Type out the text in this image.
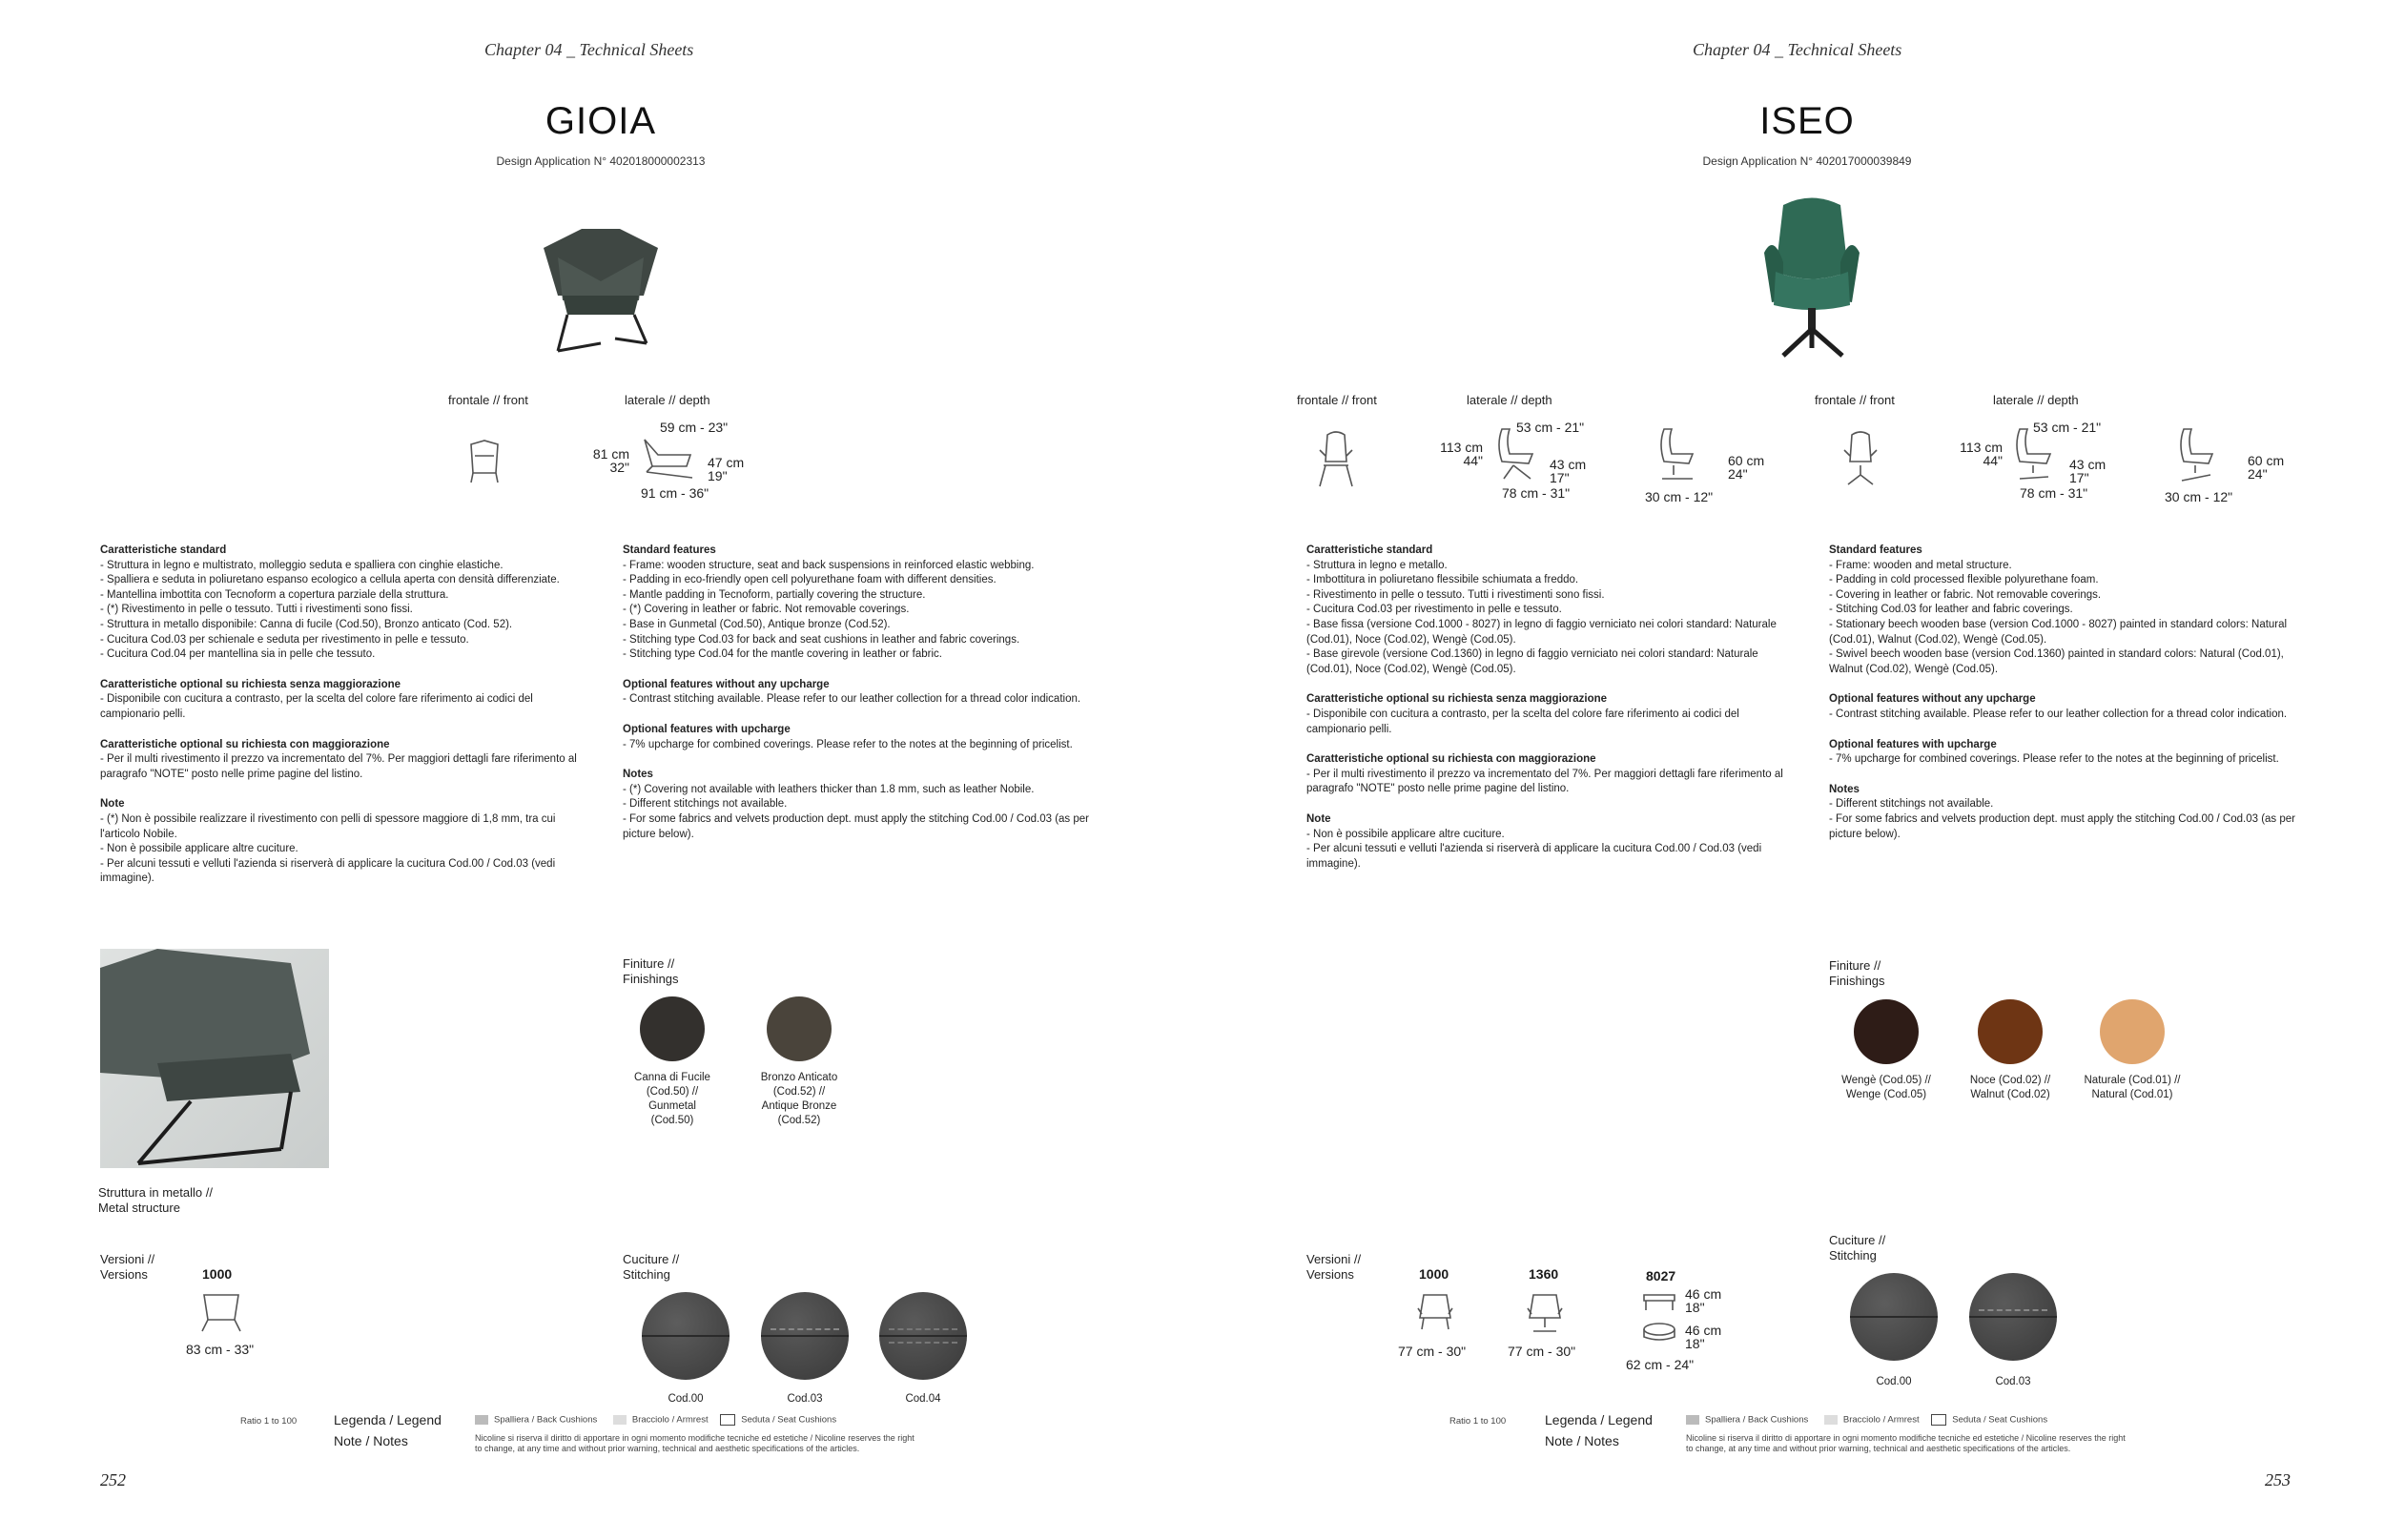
Chapter 04 _ Technical Sheets
GIOIA
Design Application N° 402018000002313
frontale // front	laterale // depth
59 cm - 23"
81 cm
32"	47 cm
19"
91 cm - 36"
Caratteristiche standard

- Struttura in legno e multistrato, molleggio seduta e spalliera con cinghie elastiche.
- Spalliera e seduta in poliuretano espanso ecologico a cellula aperta con densità differenziate.
- Mantellina imbottita con Tecnoform a copertura parziale della struttura.
- (*) Rivestimento in pelle o tessuto. Tutti i rivestimenti sono fissi.
- Struttura in metallo disponibile: Canna di fucile (Cod.50), Bronzo anticato (Cod. 52).
- Cucitura Cod.03 per schienale e seduta per rivestimento in pelle e tessuto.
- Cucitura Cod.04 per mantellina sia in pelle che tessuto.

Caratteristiche optional su richiesta senza maggiorazione

- Disponibile con cucitura a contrasto, per la scelta del colore fare riferimento ai codici del campionario pelli.

Caratteristiche optional su richiesta con maggiorazione

- Per il multi rivestimento il prezzo va incrementato del 7%. Per maggiori dettagli fare riferimento al paragrafo "NOTE" posto nelle prime pagine del listino.

Note

- (*) Non è possibile realizzare il rivestimento con pelli di spessore maggiore di 1,8 mm, tra cui l'articolo Nobile.
- Non è possibile applicare altre cuciture.
- Per alcuni tessuti e velluti l'azienda si riserverà di applicare la cucitura Cod.00 / Cod.03 (vedi immagine).

Standard features

- Frame: wooden structure, seat and back suspensions in reinforced elastic webbing.
- Padding in eco-friendly open cell polyurethane foam with different densities.
- Mantle padding in Tecnoform, partially covering the structure.
- (*) Covering in leather or fabric. Not removable coverings.
- Base in Gunmetal (Cod.50), Antique bronze (Cod.52).
- Stitching type Cod.03 for back and seat cushions in leather and fabric coverings.
- Stitching type Cod.04 for the mantle covering in leather or fabric.

Optional features without any upcharge

- Contrast stitching available. Please refer to our leather collection for a thread color indication.

Optional features with upcharge

- 7% upcharge for combined coverings. Please refer to the notes at the beginning of pricelist.

Notes

- (*) Covering not available with leathers thicker than 1.8 mm, such as leather Nobile.
- Different stitchings not available.
- For some fabrics and velvets production dept. must apply the stitching Cod.00 / Cod.03 (as per picture below).

Struttura in metallo //
Metal structure
Finiture //
Finishings
Canna di Fucile
(Cod.50) //
Gunmetal
(Cod.50)
Bronzo Anticato
(Cod.52) //
Antique Bronze
(Cod.52)
Versioni //
Versions	1000
83 cm - 33"
Cuciture //
Stitching
Cod.00	Cod.03	Cod.04
Ratio 1 to 100	Legenda / Legend
Note / Notes
Spalliera / Back Cushions	Bracciolo / Armrest	Seduta / Seat Cushions
Nicoline si riserva il diritto di apportare in ogni momento modifiche tecniche ed estetiche / Nicoline reserves the right
to change, at any time and without prior warning, technical and aesthetic specifications of the articles.
252
Chapter 04 _ Technical Sheets
ISEO
Design Application N° 402017000039849
frontale // front	laterale // depth	frontale // front	laterale // depth
53 cm - 21"
113 cm
44"	43 cm
17"
78 cm - 31"
60 cm
24"
30 cm - 12"
53 cm - 21"
113 cm
44"	43 cm
17"
78 cm - 31"
60 cm
24"
30 cm - 12"
Caratteristiche standard

- Struttura in legno e metallo.
- Imbottitura in poliuretano flessibile schiumata a freddo.
- Rivestimento in pelle o tessuto. Tutti i rivestimenti sono fissi.
- Cucitura Cod.03 per rivestimento in pelle e tessuto.
- Base fissa (versione Cod.1000 - 8027) in legno di faggio verniciato nei colori standard: Naturale (Cod.01), Noce (Cod.02), Wengè (Cod.05).
- Base girevole (versione Cod.1360) in legno di faggio verniciato nei colori standard: Naturale (Cod.01), Noce (Cod.02), Wengè (Cod.05).

Caratteristiche optional su richiesta senza maggiorazione

- Disponibile con cucitura a contrasto, per la scelta del colore fare riferimento ai codici del campionario pelli.

Caratteristiche optional su richiesta con maggiorazione

- Per il multi rivestimento il prezzo va incrementato del 7%. Per maggiori dettagli fare riferimento al paragrafo "NOTE" posto nelle prime pagine del listino.

Note

- Non è possibile applicare altre cuciture.
- Per alcuni tessuti e velluti l'azienda si riserverà di applicare la cucitura Cod.00 / Cod.03 (vedi immagine).

Standard features

- Frame: wooden and metal structure.
- Padding in cold processed flexible polyurethane foam.
- Covering in leather or fabric. Not removable coverings.
- Stitching Cod.03 for leather and fabric coverings.
- Stationary beech wooden base (version Cod.1000 - 8027) painted in standard colors: Natural (Cod.01), Walnut (Cod.02), Wengè (Cod.05).
- Swivel beech wooden base (version Cod.1360) painted in standard colors: Natural (Cod.01), Walnut (Cod.02), Wengè (Cod.05).

Optional features without any upcharge

- Contrast stitching available. Please refer to our leather collection for a thread color indication.

Optional features with upcharge

- 7% upcharge for combined coverings. Please refer to the notes at the beginning of pricelist.

Notes

- Different stitchings not available.
- For some fabrics and velvets production dept. must apply the stitching Cod.00 / Cod.03 (as per picture below).

Finiture //
Finishings
Wengè (Cod.05) //
Wenge (Cod.05)
Noce (Cod.02) //
Walnut (Cod.02)
Naturale (Cod.01) //
Natural (Cod.01)
Versioni //
Versions	1000	1360	8027
46 cm
18"
46 cm
18"
77 cm - 30"	77 cm - 30"
62 cm - 24"
Cuciture //
Stitching
Cod.00	Cod.03
Ratio 1 to 100	Legenda / Legend
Note / Notes
Spalliera / Back Cushions	Bracciolo / Armrest	Seduta / Seat Cushions
Nicoline si riserva il diritto di apportare in ogni momento modifiche tecniche ed estetiche / Nicoline reserves the right
to change, at any time and without prior warning, technical and aesthetic specifications of the articles.
253
